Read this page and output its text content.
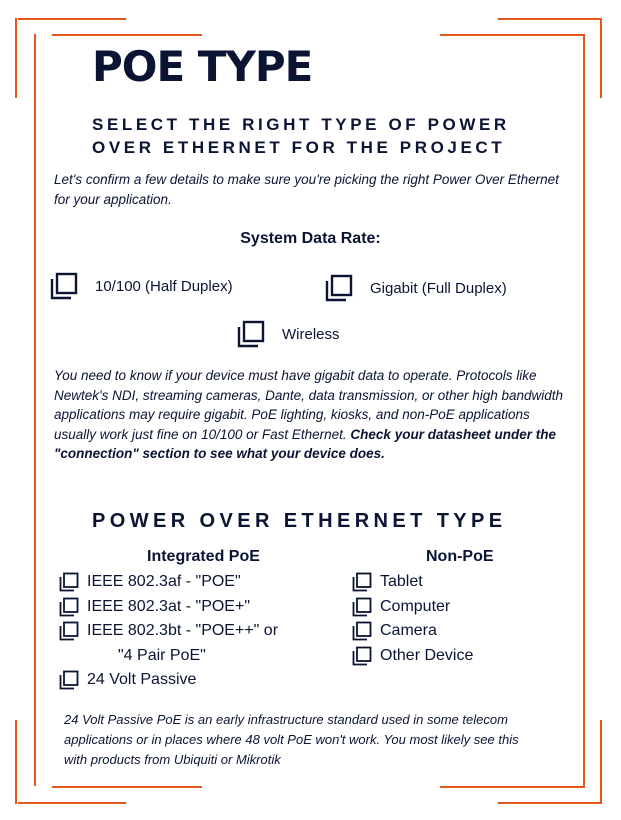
POE TYPE
SELECT THE RIGHT TYPE OF POWER
OVER ETHERNET FOR THE PROJECT
Let's confirm a few details to make sure you're picking the right Power Over Ethernet for your application.
System Data Rate:
10/100 (Half Duplex)	Gigabit (Full Duplex)
Wireless
You need to know if your device must have gigabit data to operate. Protocols like Newtek's NDI, streaming cameras, Dante, data transmission, or other high bandwidth applications may require gigabit. PoE lighting, kiosks, and non-PoE applications usually work just fine on 10/100 or Fast Ethernet. Check your datasheet under the "connection" section to see what your device does.
POWER OVER ETHERNET TYPE
Integrated PoE	Non-PoE
IEEE 802.3af - "POE"
IEEE 802.3at - "POE+"
IEEE 802.3bt - "POE++" or
"4 Pair PoE"
24 Volt Passive
Tablet
Computer
Camera
Other Device
24 Volt Passive PoE is an early infrastructure standard used in some telecom applications or in places where 48 volt PoE won't work. You most likely see this with products from Ubiquiti or Mikrotik
